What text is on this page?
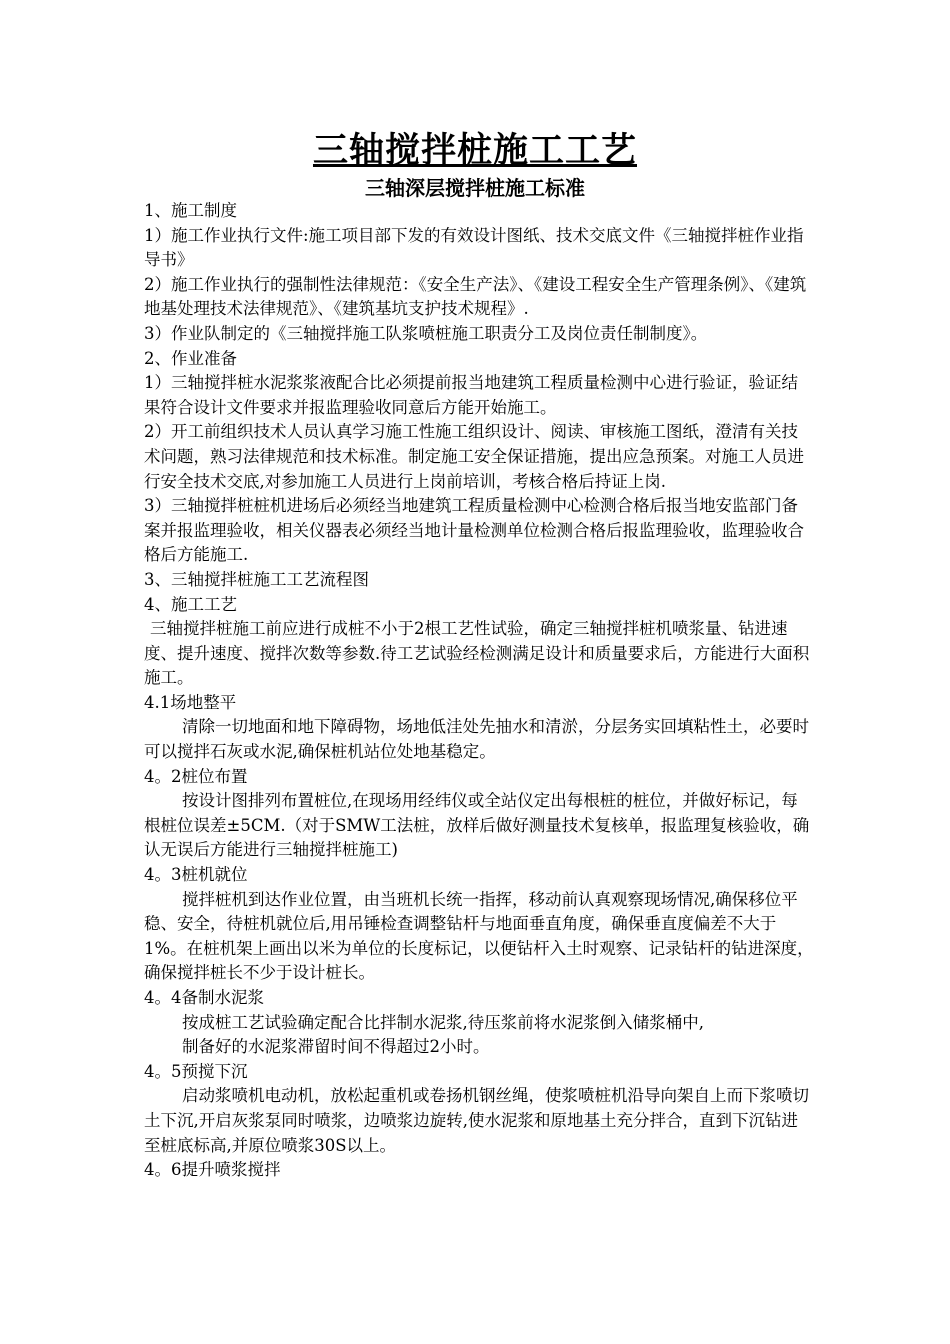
三轴搅拌桩施工工艺
三轴深层搅拌桩施工标准

1、施工制度

1）施工作业执行文件:施工项目部下发的有效设计图纸、技术交底文件《三轴搅拌桩作业指导书》

2）施工作业执行的强制性法律规范：《安全生产法》、《建设工程安全生产管理条例》、《建筑地基处理技术法律规范》、《建筑基坑支护技术规程》.

3）作业队制定的《三轴搅拌施工队浆喷桩施工职责分工及岗位责任制制度》。

2、作业准备

1）三轴搅拌桩水泥浆浆液配合比必须提前报当地建筑工程质量检测中心进行验证，验证结果符合设计文件要求并报监理验收同意后方能开始施工。

2）开工前组织技术人员认真学习施工性施工组织设计、阅读、审核施工图纸，澄清有关技术问题，熟习法律规范和技术标准。制定施工安全保证措施，提出应急预案。对施工人员进行安全技术交底,对参加施工人员进行上岗前培训，考核合格后持证上岗.

3）三轴搅拌桩桩机进场后必须经当地建筑工程质量检测中心检测合格后报当地安监部门备案并报监理验收，相关仪器表必须经当地计量检测单位检测合格后报监理验收，监理验收合格后方能施工.

3、三轴搅拌桩施工工艺流程图

4、施工工艺

三轴搅拌桩施工前应进行成桩不小于2根工艺性试验，确定三轴搅拌桩机喷浆量、钻进速度、提升速度、搅拌次数等参数.待工艺试验经检测满足设计和质量要求后，方能进行大面积施工。

4.1场地整平

清除一切地面和地下障碍物，场地低洼处先抽水和清淤，分层务实回填粘性土，必要时可以搅拌石灰或水泥,确保桩机站位处地基稳定。

4。2桩位布置

按设计图排列布置桩位,在现场用经纬仪或全站仪定出每根桩的桩位，并做好标记，每根桩位误差±5CM.（对于SMW工法桩，放样后做好测量技术复核单，报监理复核验收，确认无误后方能进行三轴搅拌桩施工)

4。3桩机就位

搅拌桩机到达作业位置，由当班机长统一指挥，移动前认真观察现场情况,确保移位平稳、安全，待桩机就位后,用吊锤检查调整钻杆与地面垂直角度，确保垂直度偏差不大于1%。在桩机架上画出以米为单位的长度标记，以便钻杆入土时观察、记录钻杆的钻进深度，确保搅拌桩长不少于设计桩长。

4。4备制水泥浆

按成桩工艺试验确定配合比拌制水泥浆,待压浆前将水泥浆倒入储浆桶中,

制备好的水泥浆滞留时间不得超过2小时。

4。5预搅下沉

启动浆喷机电动机，放松起重机或卷扬机钢丝绳，使浆喷桩机沿导向架自上而下浆喷切土下沉,开启灰浆泵同时喷浆，边喷浆边旋转,使水泥浆和原地基土充分拌合，直到下沉钻进至桩底标高,并原位喷浆30S以上。

4。6提升喷浆搅拌
